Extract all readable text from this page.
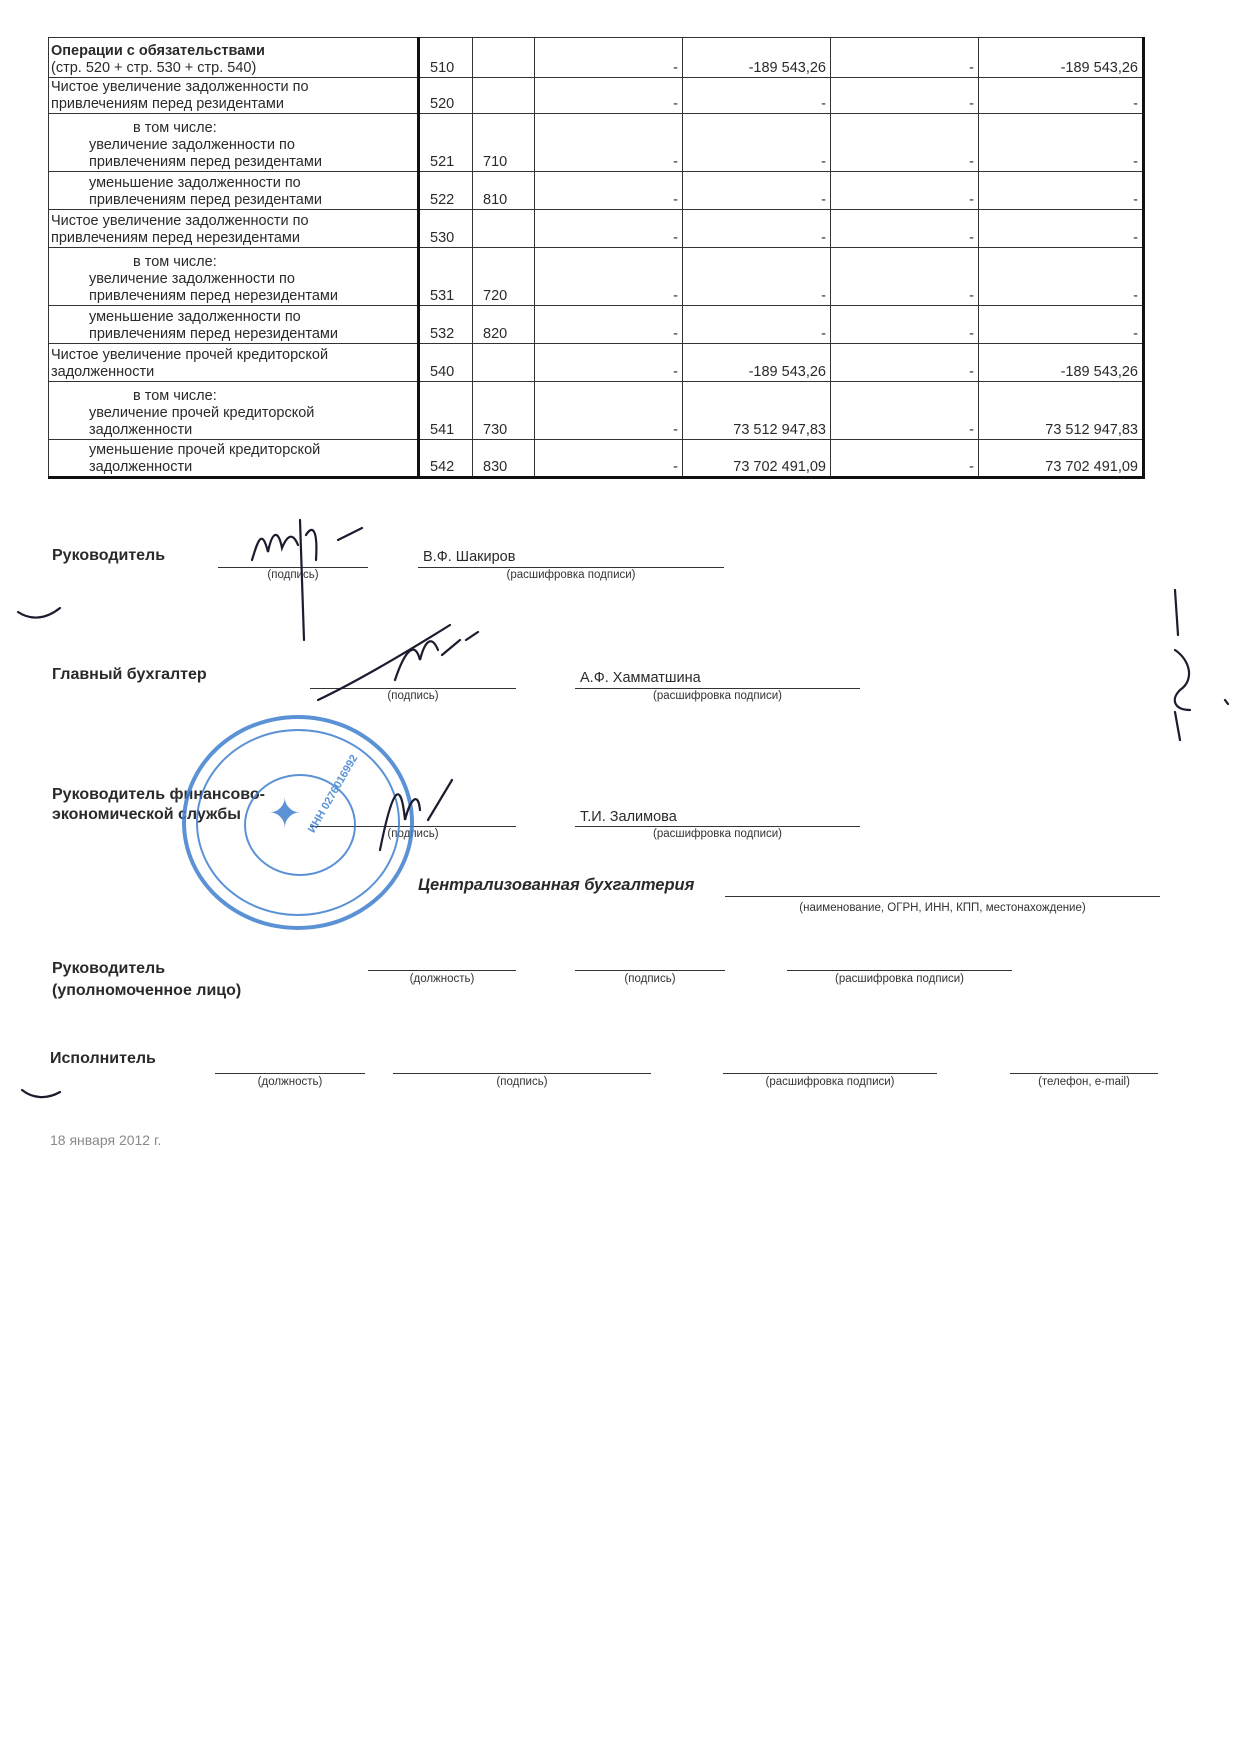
Операции с обязательствами
(стр. 520 + стр. 530 + стр. 540)	510		-	-189 543,26	-	-189 543,26

Чистое увеличение задолженности по
привлечениям перед резидентами	520		-	-	-	-

в том числе:
увеличение задолженности по
привлечениям перед резидентами	521	710	-	-	-	-

уменьшение задолженности по
привлечениям перед резидентами	522	810	-	-	-	-

Чистое увеличение задолженности по
привлечениям перед нерезидентами	530		-	-	-	-

в том числе:
увеличение задолженности по
привлечениям перед нерезидентами	531	720	-	-	-	-

уменьшение задолженности по
привлечениям перед нерезидентами	532	820	-	-	-	-

Чистое увеличение прочей кредиторской
задолженности	540		-	-189 543,26	-	-189 543,26

в том числе:
увеличение прочей кредиторской
задолженности	541	730	-	73 512 947,83	-	73 512 947,83

уменьшение прочей кредиторской
задолженности	542	830	-	73 702 491,09	-	73 702 491,09
Руководитель
(подпись)
В.Ф. Шакиров
(расшифровка подписи)
Главный бухгалтер
(подпись)
А.Ф. Хамматшина
(расшифровка подписи)
Руководитель финансово-
экономической службы
(подпись)
Т.И. Залимова
(расшифровка подписи)
Централизованная бухгалтерия
(наименование, ОГРН, ИНН, КПП, местонахождение)
Руководитель
(уполномоченное лицо)
(должность)	(подпись)	(расшифровка подписи)
Исполнитель
(должность)	(подпись)	(расшифровка подписи)	(телефон, e-mail)
18 января 2012 г.
✦ ИНН 0276016992
